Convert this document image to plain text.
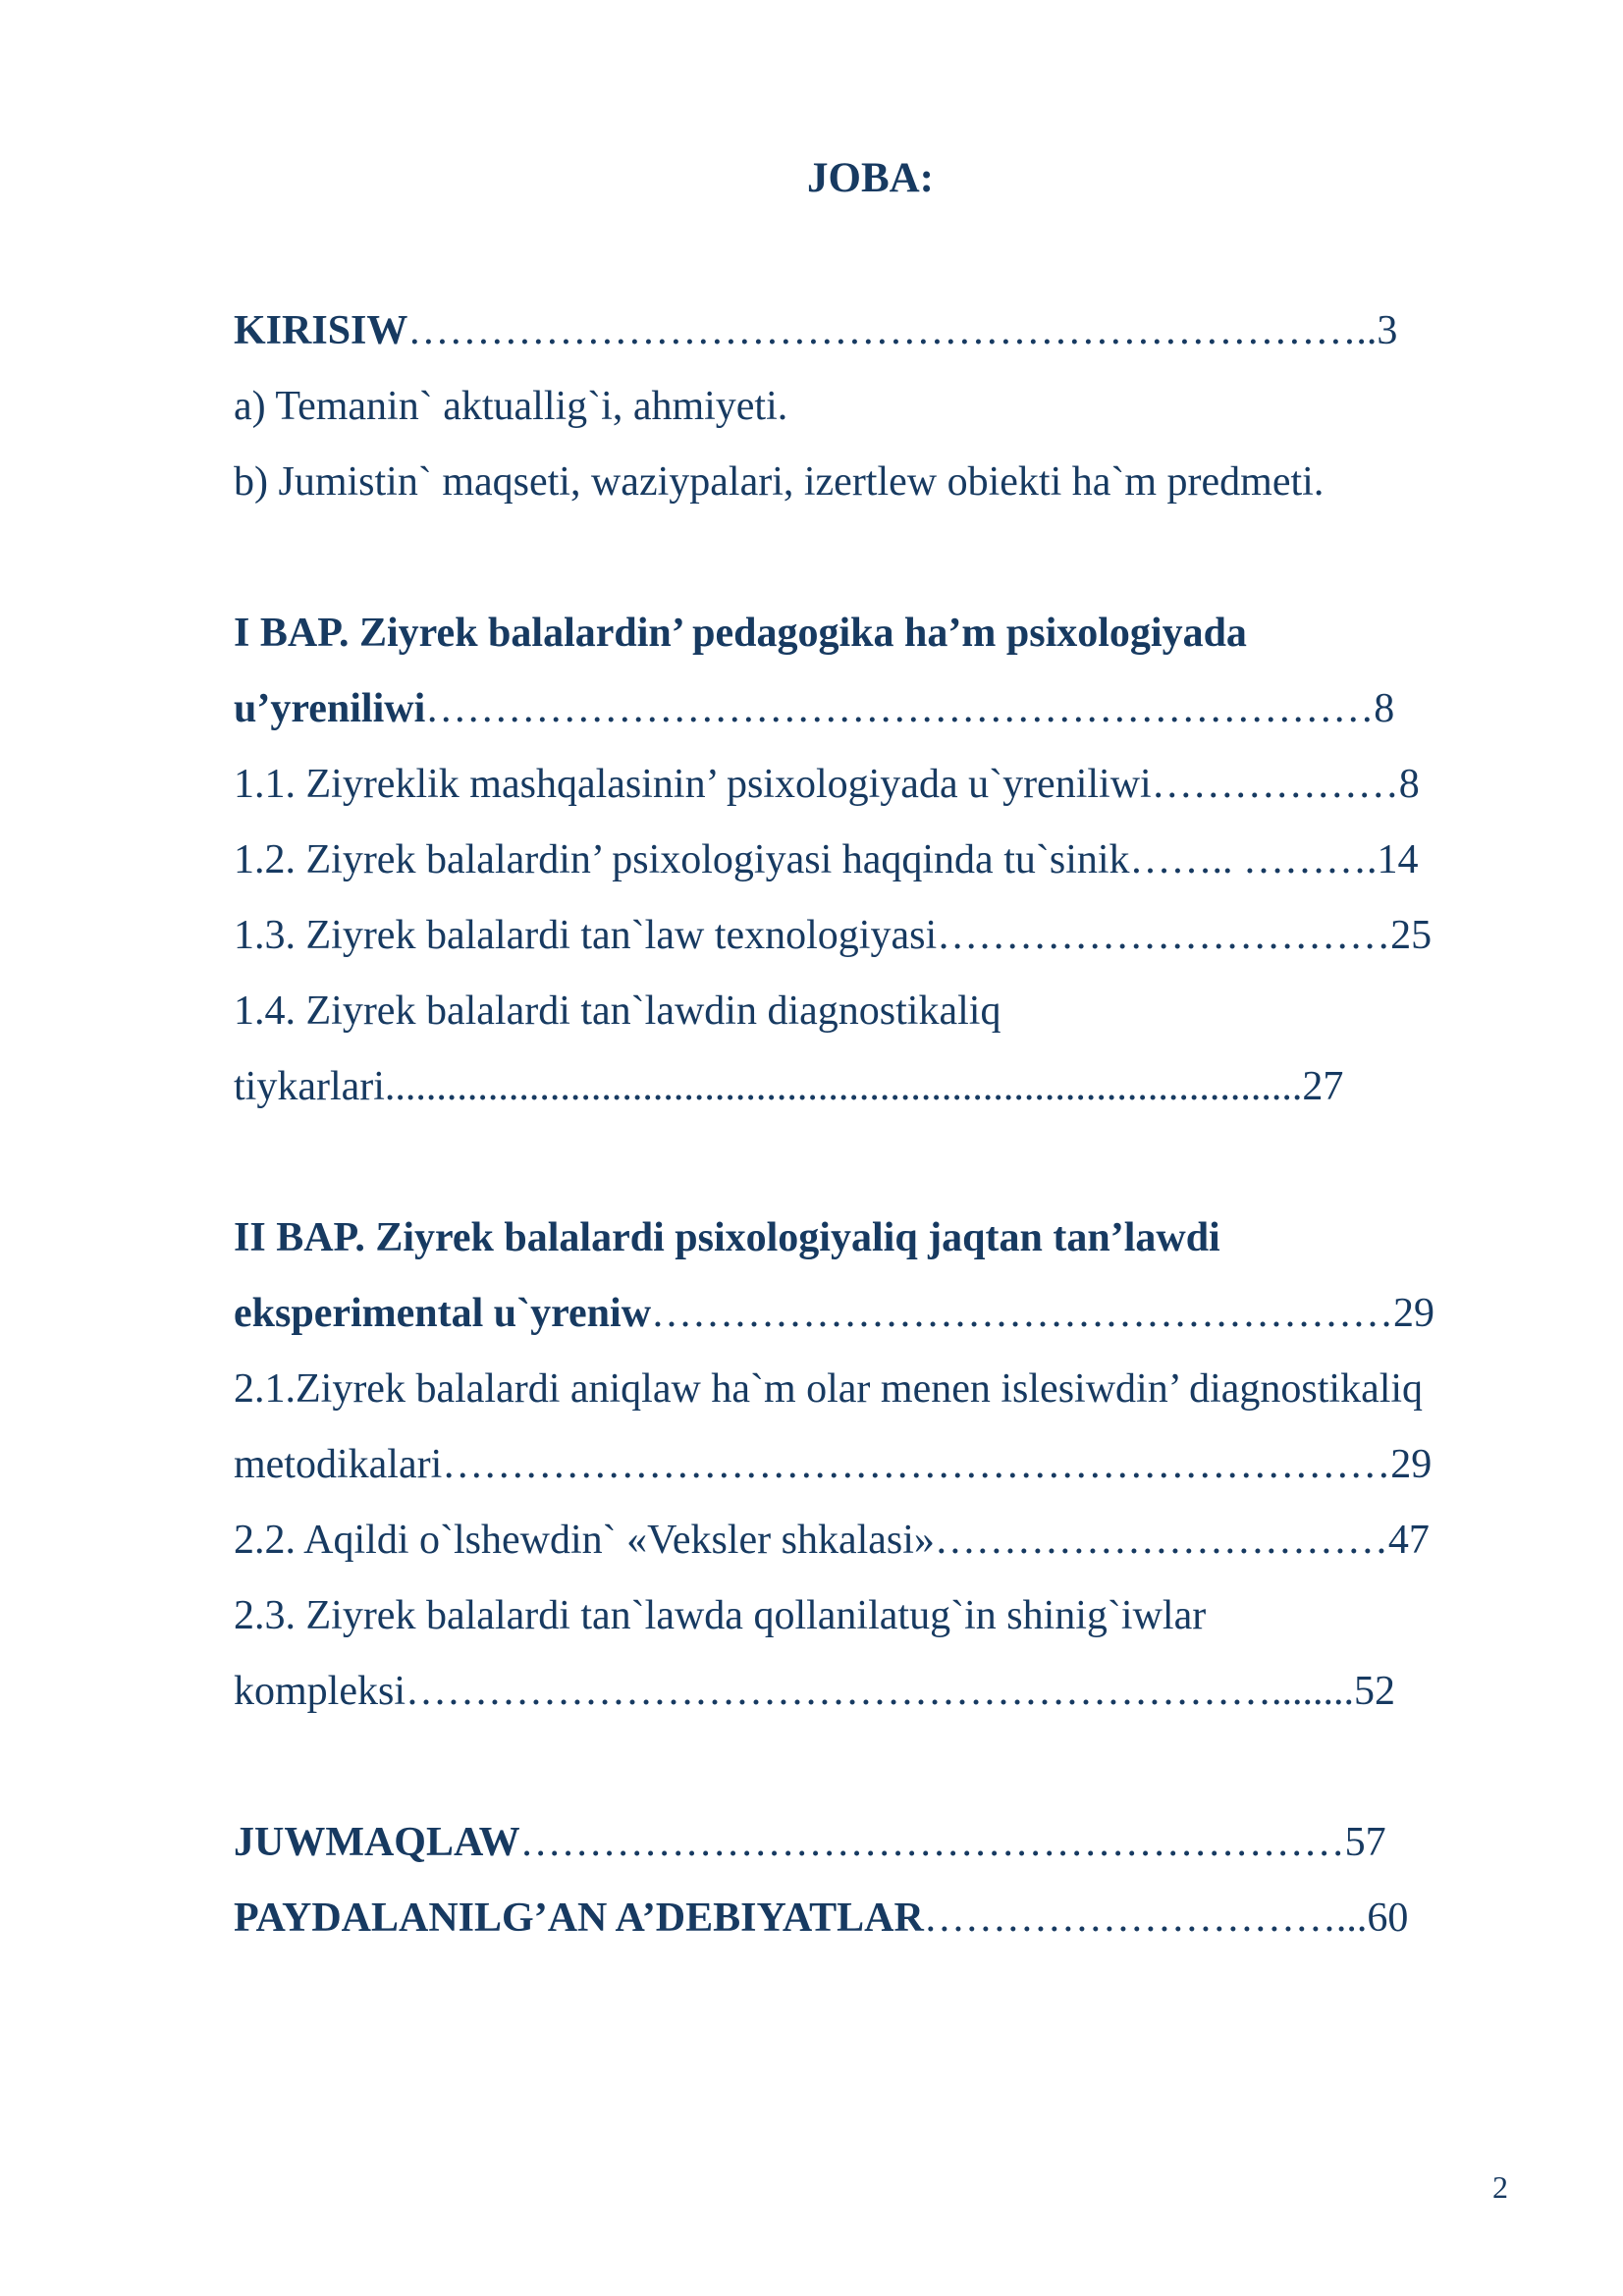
JOBA:
KIRISIW……………………………………………………………..3
a) Temanin` aktuallig`i, ahmiyeti.
b) Jumistin` maqseti, waziypalari, izertlew obiekti ha`m predmeti.
I BAP. Ziyrek balalardin’ pedagogika ha’m psixologiyada
u’yreniliwi……………………………………………………………8
1.1. Ziyreklik mashqalasinin’ psixologiyada u`yreniliwi………………8
1.2. Ziyrek balalardin’ psixologiyasi haqqinda tu`sinik…….. ……….14
1.3. Ziyrek balalardi tan`law texnologiyasi……………………………25
1.4. Ziyrek balalardi tan`lawdin diagnostikaliq
tiykarlari.........................................................................................27
II BAP. Ziyrek balalardi psixologiyaliq jaqtan tan’lawdi
eksperimental u`yreniw………………………………………………29
2.1.Ziyrek balalardi aniqlaw ha`m olar menen islesiwdin’ diagnostikaliq
metodikalari……………………………………………………………29
2.2. Aqildi o`lshewdin` «Veksler shkalasi»……………………………47
2.3. Ziyrek balalardi tan`lawda qollanilatug`in shinig`iwlar
kompleksi………………………………………………………........52
JUWMAQLAW……………………………………………………57
PAYDALANILG’AN A’DEBIYATLAR…………………………...60
2
